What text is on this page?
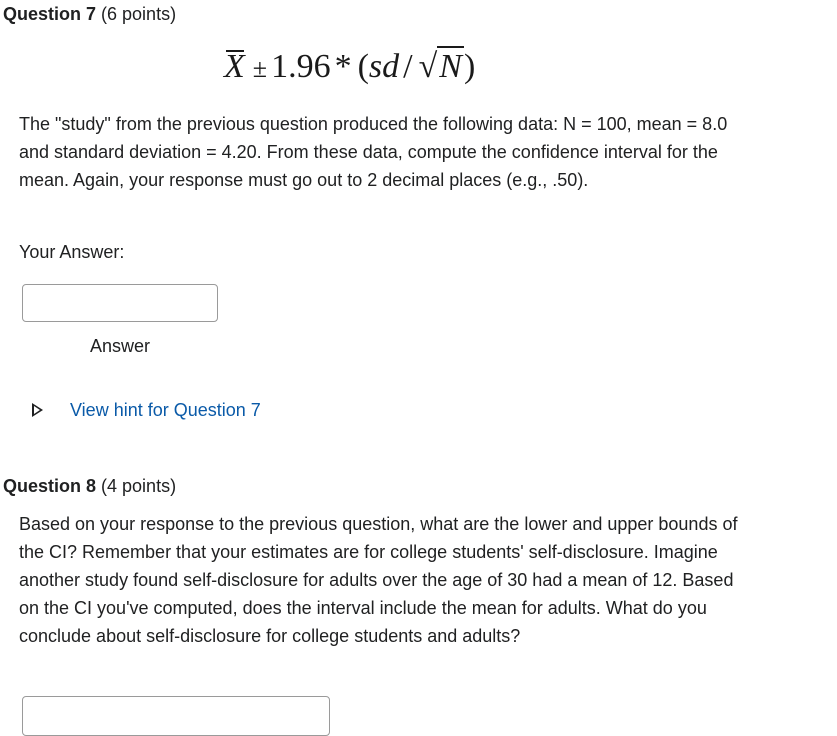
Question 7 (6 points)
X ± 1.96 * (sd / √N)
The "study" from the previous question produced the following data: N = 100, mean = 8.0 and standard deviation = 4.20. From these data, compute the confidence interval for the mean. Again, your response must go out to 2 decimal places (e.g., .50).
Your Answer:
Answer
View hint for Question 7
Question 8 (4 points)
Based on your response to the previous question, what are the lower and upper bounds of the CI? Remember that your estimates are for college students' self-disclosure. Imagine another study found self-disclosure for adults over the age of 30 had a mean of 12. Based on the CI you've computed, does the interval include the mean for adults. What do you conclude about self-disclosure for college students and adults?
